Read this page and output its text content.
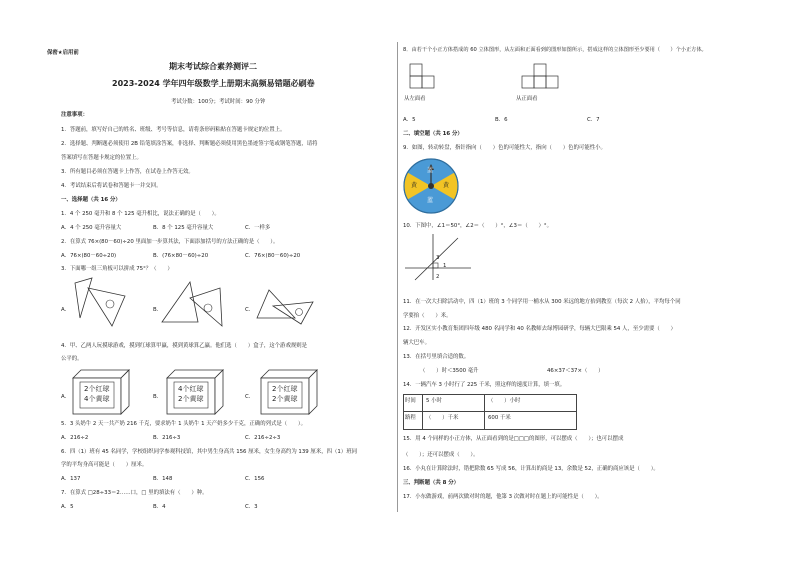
保密★启用前
期末考试综合素养测评二
2023-2024 学年四年级数学上册期末高频易错题必刷卷
考试分数：100分；考试时间：90 分钟
注意事项：
1．答题前，填写好自己的姓名、班级、考号等信息，请将条形码粘贴在答题卡规定的位置上。
2．选择题、判断题必须使用 2B 铅笔填涂答案，非选择、判断题必须使用黑色墨迹签字笔或钢笔答题，请将
答案填写在答题卡规定的位置上。
3．所有题目必须在答题卡上作答，在试卷上作答无效。
4．考试结束后将试卷和答题卡一并交回。
一、选择题（共 16 分）
1．4 个 250 毫升和 8 个 125 毫升相比，说法正确的是（　　）。
A．4 个 250 毫升容量大	B．8 个 125 毫升容量大	C．一样多
2．在算式 76×(80－60)÷20 里面加一步算其法，下面添加括号的方法正确的是（　　）。
A．76×(80－60÷20)	B．(76×80－60)÷20	C．76×(80－60)÷20
3．下面哪一组三角板可以拼成 75°？（　　）
A．	B．	C．
4．甲、乙两人玩摸球游戏，摸到红球算甲赢，摸到黄球算乙赢。他们选（　　）盒子，这个游戏规则是
公平的。
A．
2个红球
4个黄球	B．
4个红球
2个黄球	C．
2个红球
2个黄球
5．3 头奶牛 2 天一共产奶 216 千克，要求奶牛 1 头奶牛 1 天产奶多少千克，正确的列式是（　　）。
A．216÷2	B．216÷3	C．216÷2÷3
6．四（1）班有 45 名同学，学校组织同学参观科技馆，其中男生身高共 156 厘米，女生身高约为 139 厘米，四（1）班同
学的平均身高可能是（　　）厘米。
A．137	B．148	C．156
7．在算式 □28÷33＝2……口，□ 里的填法有（　　）种。
A．5	B．4	C．3
8．由若干个小正方体搭成的 60 立体图形，从左面和正面看到的图形如图所示，搭成这样的立体图形至少要用（　　）个小正方体。
从左面看	从正面看
A．5	B．6	C．7
二、填空题（共 16 分）
9．如图，转动转盘，指针指向（　　）色的可能性大，指向（　　）色的可能性小。
蓝
黄	黄
蓝
10．下图中，∠1＝50°，∠2＝（　　）°，∠3＝（　　）°。
1
2
3
11．在一次大扫除活动中，四（1）班的 3 个同学用一桶水从 300 米远的地方抬到教室（每次 2 人抬），平均每个同
学要抬（　　）米。
12．开发区实小教育集团四年级 480 名同学和 40 名教师去绿博园研学，每辆大巴限乘 54 人，至少需要（　　）
辆大巴车。
13．在括号里填合适的数。
（　　）时＜3500 毫升	46×37＜37×（　　）
14．一辆汽车 3 小时行了 225 千米，照这样的速度计算，填一填。
时间 5 小时	（　　）小时
路程 （　　）千米	600 千米
15．用 4 个同样的小正方体，从正面看到的是□□□的图形，可以摆成（　　）；也可以摆成
（　　）；还可以摆成（　　）。
16．小丸在计算除法时，错把除数 65 写成 56，计算出的商是 13，余数是 52，正确的商应该是（　　）。
三、判断题（共 8 分）
17．小东做游戏，前两次做对时的题，他第 3 次做对时在题上的可能性是（　　）。
